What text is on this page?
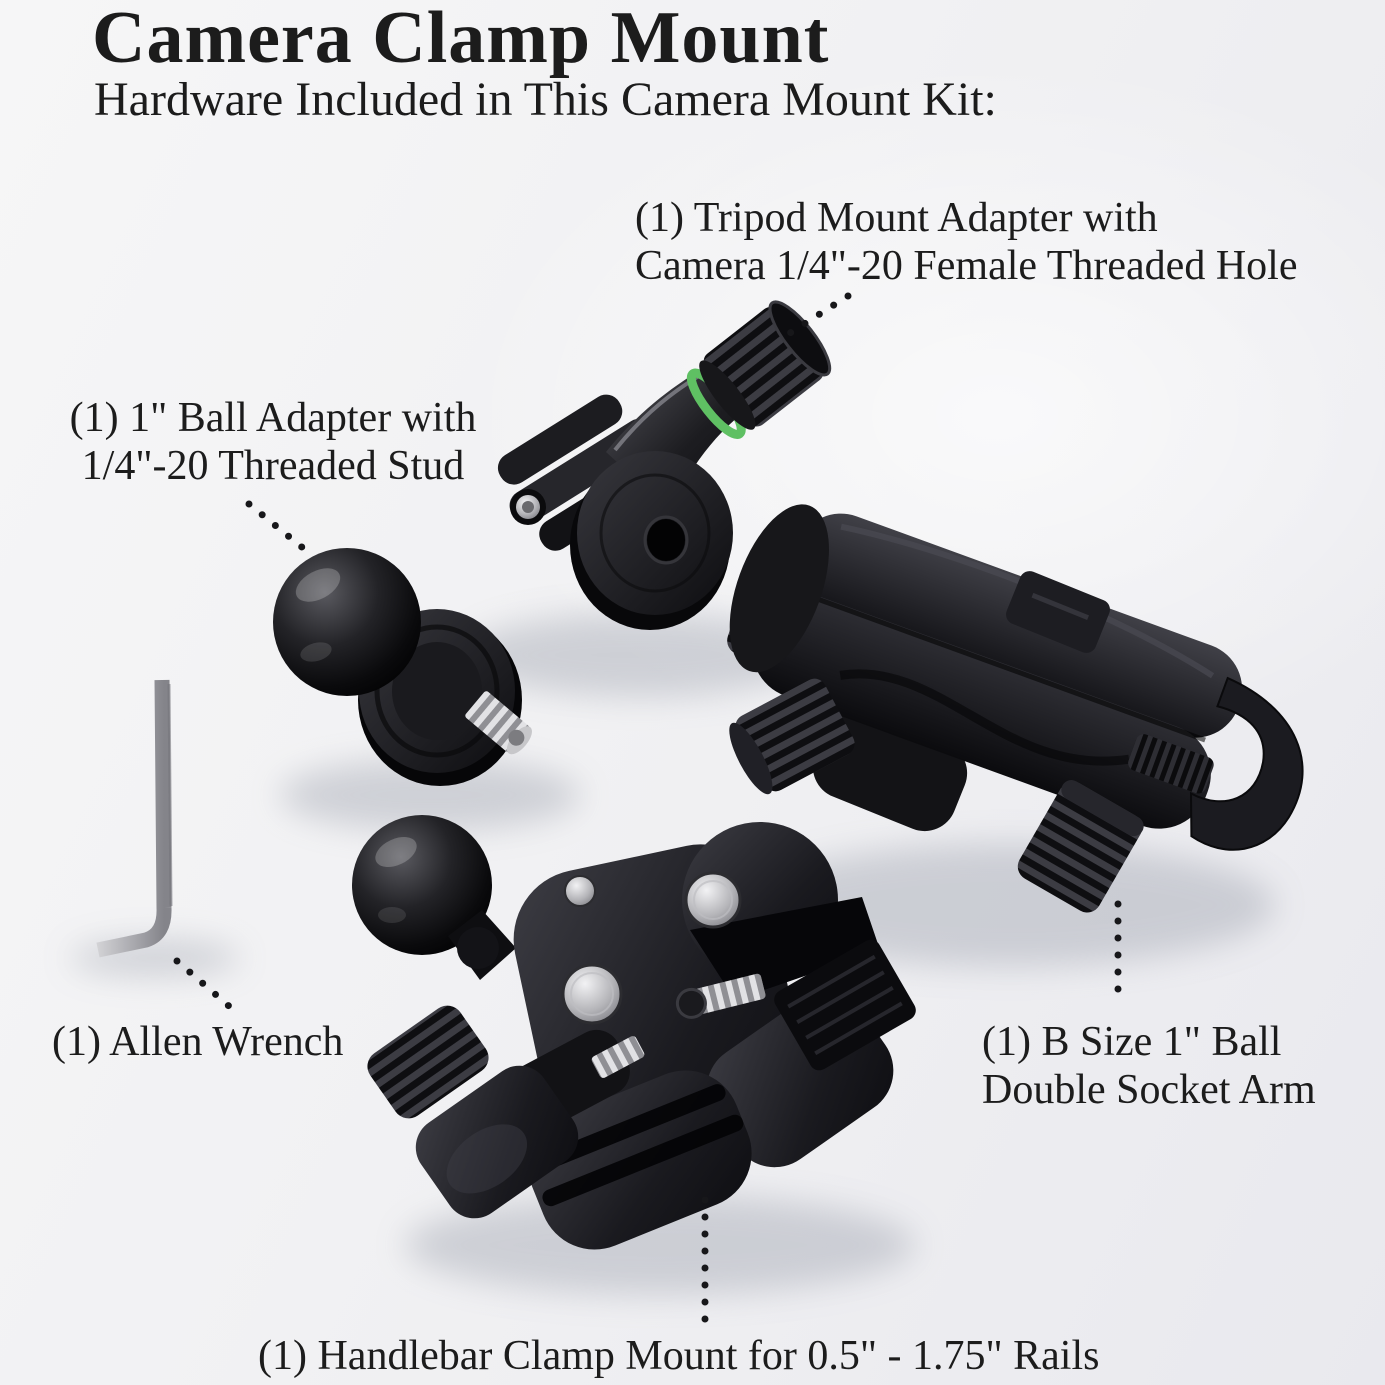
Camera Clamp Mount
Hardware Included in This Camera Mount Kit:
(1) Tripod Mount Adapter with
Camera 1/4"-20 Female Threaded Hole
(1) 1" Ball Adapter with
1/4"-20 Threaded Stud
(1) Allen Wrench	(1) B Size 1" Ball
Double Socket Arm
(1) Handlebar Clamp Mount for 0.5" - 1.75" Rails
